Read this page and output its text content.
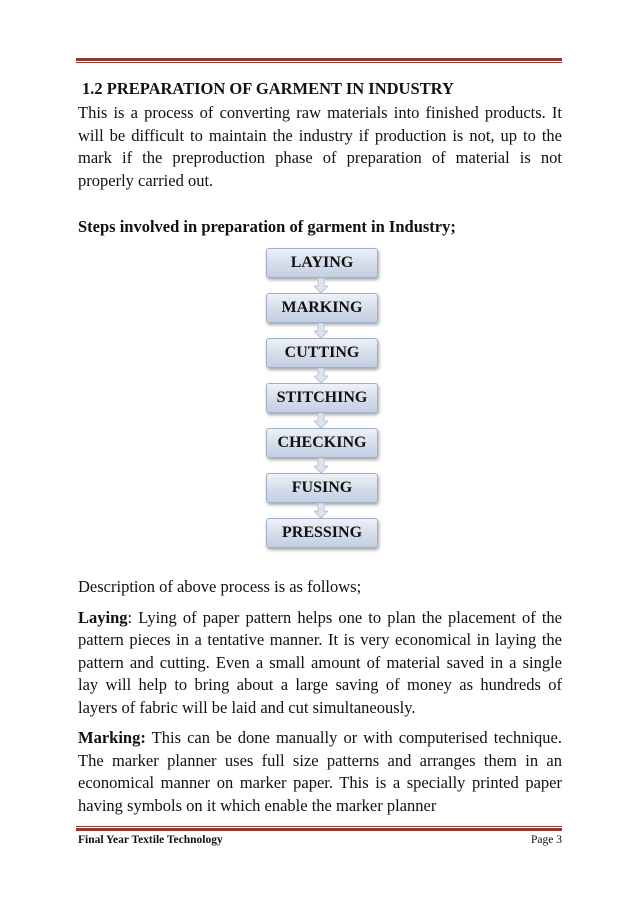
1.2 PREPARATION OF GARMENT IN INDUSTRY

This is a process of converting raw materials into finished products. It will be difficult to maintain the industry if production is not, up to the mark if the preproduction phase of preparation of material is not properly carried out.

Steps involved in preparation of garment in Industry;

LAYING
MARKING
CUTTING
STITCHING
CHECKING
FUSING
PRESSING

Description of above process is as follows;

Laying: Lying of paper pattern helps one to plan the placement of the pattern pieces in a tentative manner. It is very economical in laying the pattern and cutting. Even a small amount of material saved in a single lay will help to bring about a large saving of money as hundreds of layers of fabric will be laid and cut simultaneously.

Marking: This can be done manually or with computerised technique. The marker planner uses full size patterns and arranges them in an economical manner on marker paper. This is a specially printed paper having symbols on it which enable the marker planner

Final Year Textile Technology	Page 3
